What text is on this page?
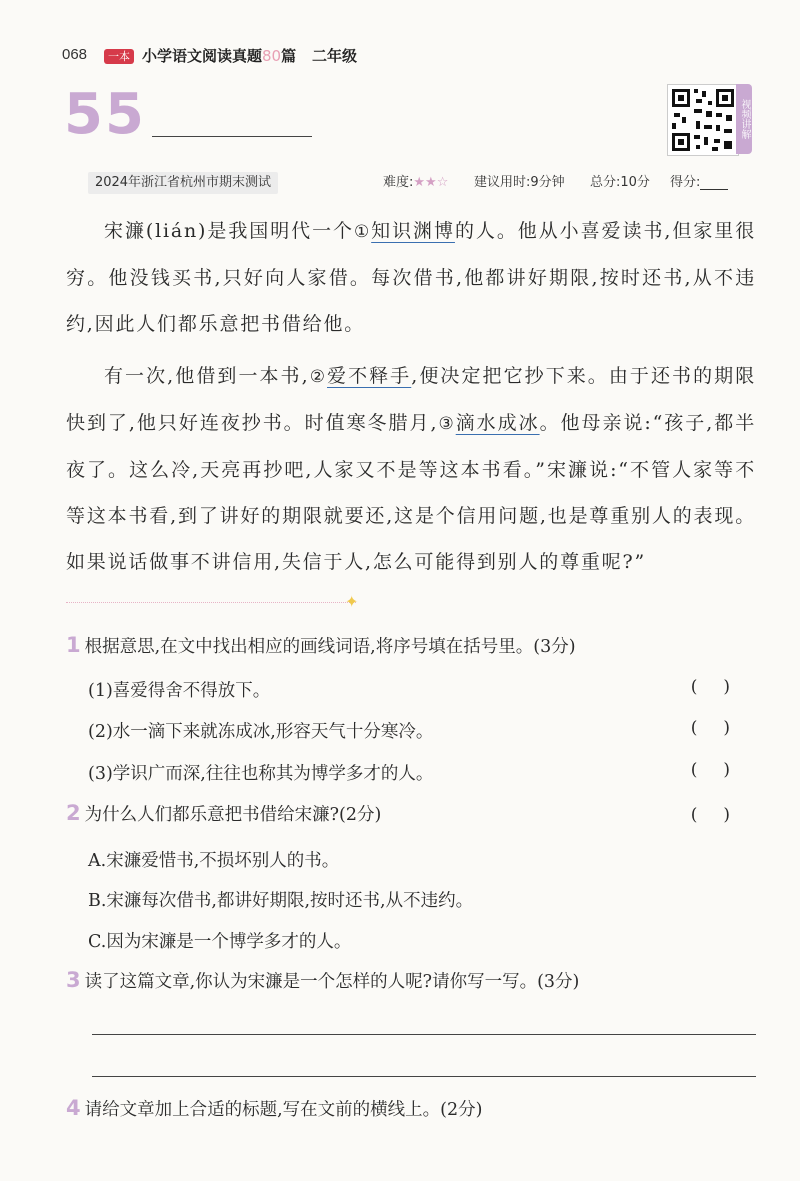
068	一本 小学语文阅读真题80篇 二年级
55	视频讲解
2024年浙江省杭州市期末测试	难度:★★☆ 建议用时:9分钟 总分:10分 得分:

宋濂(lián)是我国明代一个①知识渊博的人。他从小喜爱读书,但家里很穷。他没钱买书,只好向人家借。每次借书,他都讲好期限,按时还书,从不违约,因此人们都乐意把书借给他。

有一次,他借到一本书,②爱不释手,便决定把它抄下来。由于还书的期限快到了,他只好连夜抄书。时值寒冬腊月,③滴水成冰。他母亲说:“孩子,都半夜了。这么冷,天亮再抄吧,人家又不是等这本书看。”宋濂说:“不管人家等不等这本书看,到了讲好的期限就要还,这是个信用问题,也是尊重别人的表现。如果说话做事不讲信用,失信于人,怎么可能得到别人的尊重呢?”

✦
1 根据意思,在文中找出相应的画线词语,将序号填在括号里。(3分)
(1)喜爱得舍不得放下。	()
(2)水一滴下来就冻成冰,形容天气十分寒冷。	()
(3)学识广而深,往往也称其为博学多才的人。	()
2 为什么人们都乐意把书借给宋濂?(2分)	()
A.宋濂爱惜书,不损坏别人的书。
B.宋濂每次借书,都讲好期限,按时还书,从不违约。
C.因为宋濂是一个博学多才的人。
3 读了这篇文章,你认为宋濂是一个怎样的人呢?请你写一写。(3分)
4 请给文章加上合适的标题,写在文前的横线上。(2分)
